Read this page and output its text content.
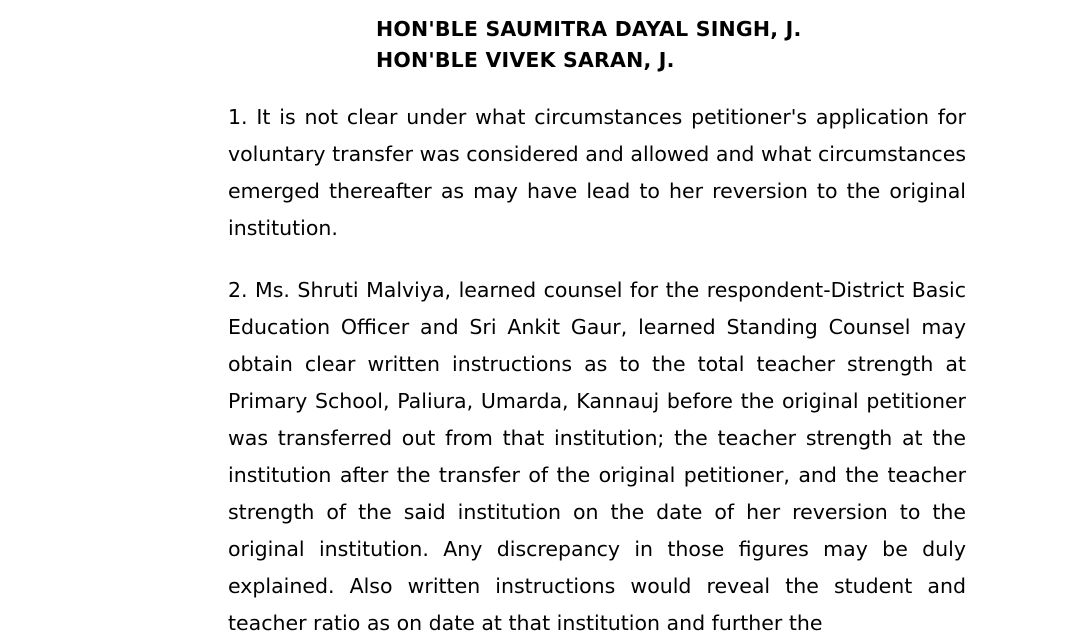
HON'BLE SAUMITRA DAYAL SINGH, J.
HON'BLE VIVEK SARAN, J.

1. It is not clear under what circumstances petitioner's application for voluntary transfer was considered and allowed and what circumstances emerged thereafter as may have lead to her reversion to the original institution.

2. Ms. Shruti Malviya, learned counsel for the respondent-District Basic Education Officer and Sri Ankit Gaur, learned Standing Counsel may obtain clear written instructions as to the total teacher strength at Primary School, Paliura, Umarda, Kannauj before the original petitioner was transferred out from that institution; the teacher strength at the institution after the transfer of the original petitioner, and the teacher strength of the said institution on the date of her reversion to the original institution. Any discrepancy in those figures may be duly explained. Also written instructions would reveal the student and teacher ratio as on date at that institution and further the
